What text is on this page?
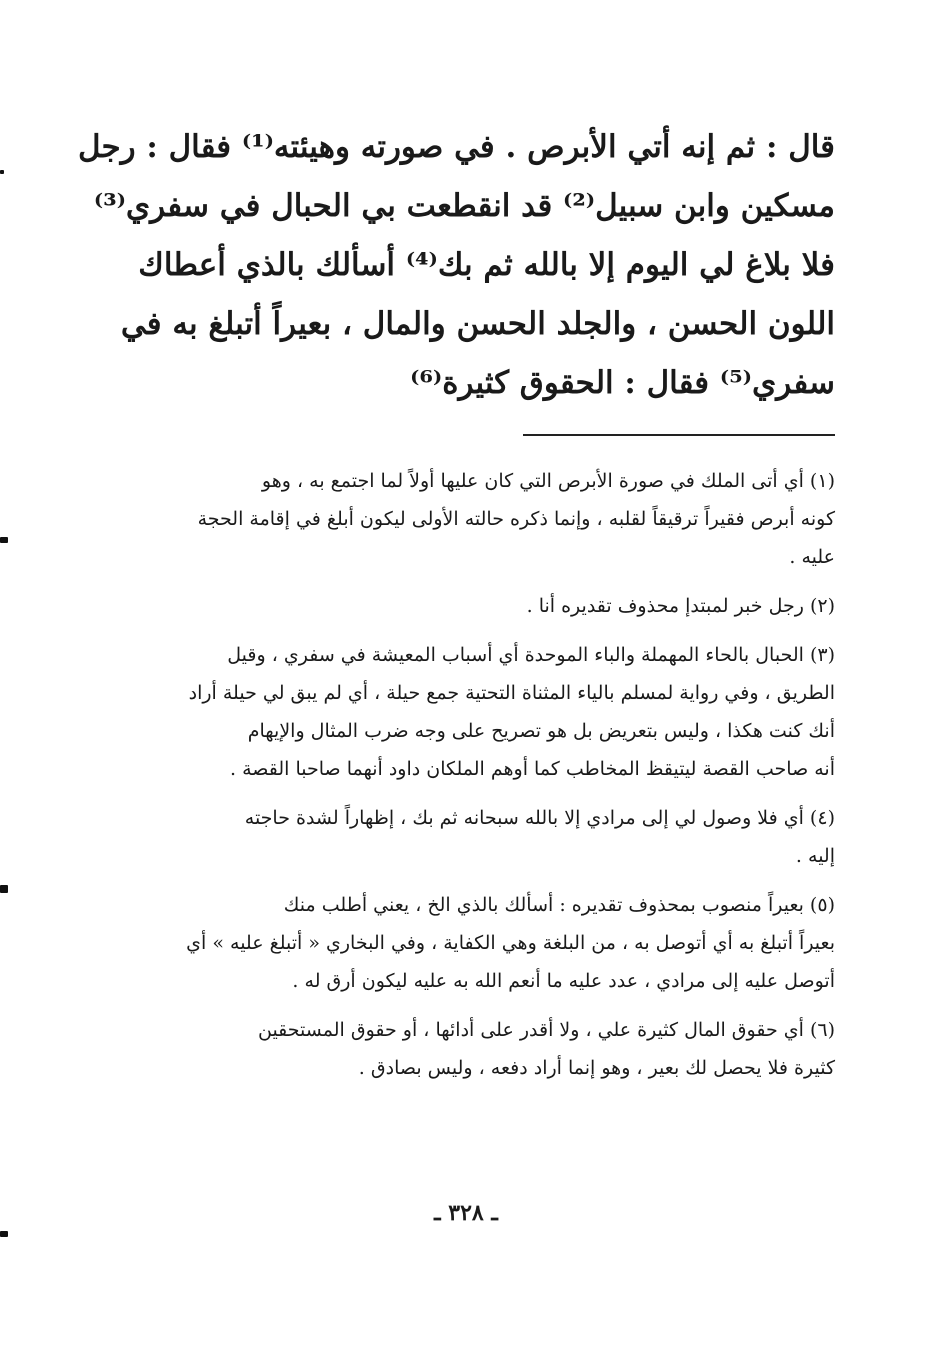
قال : ثم إنه أتي الأبرص . في صورته وهيئته⁽¹⁾ فقال : رجل
مسكين وابن سبيل⁽²⁾ قد انقطعت بي الحبال في سفري⁽³⁾
فلا بلاغ لي اليوم إلا بالله ثم بك⁽⁴⁾ أسألك بالذي أعطاك
اللون الحسن ، والجلد الحسن والمال ، بعيراً أتبلغ به في
سفري⁽⁵⁾ فقال : الحقوق كثيرة⁽⁶⁾
(١) أي أتى الملك في صورة الأبرص التي كان عليها أولاً لما اجتمع به ، وهو
كونه أبرص فقيراً ترقيقاً لقلبه ، وإنما ذكره حالته الأولى ليكون أبلغ في إقامة الحجة
عليه .
(٢) رجل خبر لمبتدإ محذوف تقديره أنا .
(٣) الحبال بالحاء المهملة والباء الموحدة أي أسباب المعيشة في سفري ، وقيل
الطريق ، وفي رواية لمسلم بالياء المثناة التحتية جمع حيلة ، أي لم يبق لي حيلة أراد
أنك كنت هكذا ، وليس بتعريض بل هو تصريح على وجه ضرب المثال والإيهام
أنه صاحب القصة ليتيقظ المخاطب كما أوهم الملكان داود أنهما صاحبا القصة .
(٤) أي فلا وصول لي إلى مرادي إلا بالله سبحانه ثم بك ، إظهاراً لشدة حاجته
إليه .
(٥) بعيراً منصوب بمحذوف تقديره : أسألك بالذي الخ ، يعني أطلب منك
بعيراً أتبلغ به أي أتوصل به ، من البلغة وهي الكفاية ، وفي البخاري « أتبلغ عليه » أي
أتوصل عليه إلى مرادي ، عدد عليه ما أنعم الله به عليه ليكون أرق له .
(٦) أي حقوق المال كثيرة علي ، ولا أقدر على أدائها ، أو حقوق المستحقين
كثيرة فلا يحصل لك بعير ، وهو إنما أراد دفعه ، وليس بصادق .
ـ ٣٢٨ ـ
